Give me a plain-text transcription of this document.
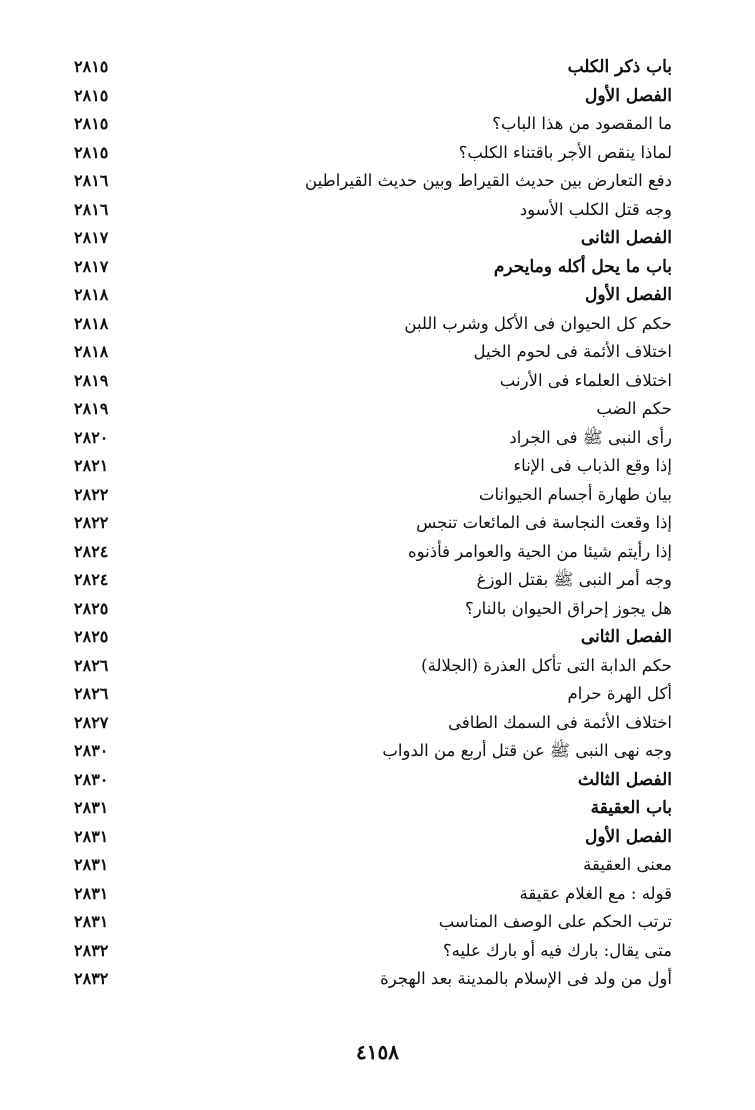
باب ذكر الكلب
٢٨١٥
الفصل الأول
٢٨١٥
ما المقصود من هذا الباب؟
٢٨١٥
لماذا ينقص الأجر باقتناء الكلب؟
٢٨١٥
دفع التعارض بين حديث القيراط وبين حديث القيراطين
٢٨١٦
وجه قتل الكلب الأسود
٢٨١٦
الفصل الثانى
٢٨١٧
باب ما يحل أكله ومايحرم
٢٨١٧
الفصل الأول
٢٨١٨
حكم كل الحيوان فى الأكل وشرب اللبن
٢٨١٨
اختلاف الأئمة فى لحوم الخيل
٢٨١٨
اختلاف العلماء فى الأرنب
٢٨١٩
حكم الضب
٢٨١٩
رأى النبى ﷺ فى الجراد
٢٨٢٠
إذا وقع الذباب فى الإناء
٢٨٢١
بيان طهارة أجسام الحيوانات
٢٨٢٢
إذا وقعت النجاسة فى المائعات تنجس
٢٨٢٢
إذا رأيتم شيئا من الحية والعوامر فأذنوه
٢٨٢٤
وجه أمر النبى ﷺ بقتل الوزغ
٢٨٢٤
هل يجوز إحراق الحيوان بالنار؟
٢٨٢٥
الفصل الثانى
٢٨٢٥
حكم الدابة التى تأكل العذرة (الجلالة)
٢٨٢٦
أكل الهرة حرام
٢٨٢٦
اختلاف الأئمة فى السمك الطافى
٢٨٢٧
وجه نهى النبى ﷺ عن قتل أربع من الدواب
٢٨٣٠
الفصل الثالث
٢٨٣٠
باب العقيقة
٢٨٣١
الفصل الأول
٢٨٣١
معنى العقيقة
٢٨٣١
قوله : مع الغلام عقيقة
٢٨٣١
ترتب الحكم على الوصف المناسب
٢٨٣١
متى يقال: بارك فيه أو بارك عليه؟
٢٨٣٢
أول من ولد فى الإسلام بالمدينة بعد الهجرة
٢٨٣٢
٤١٥٨
